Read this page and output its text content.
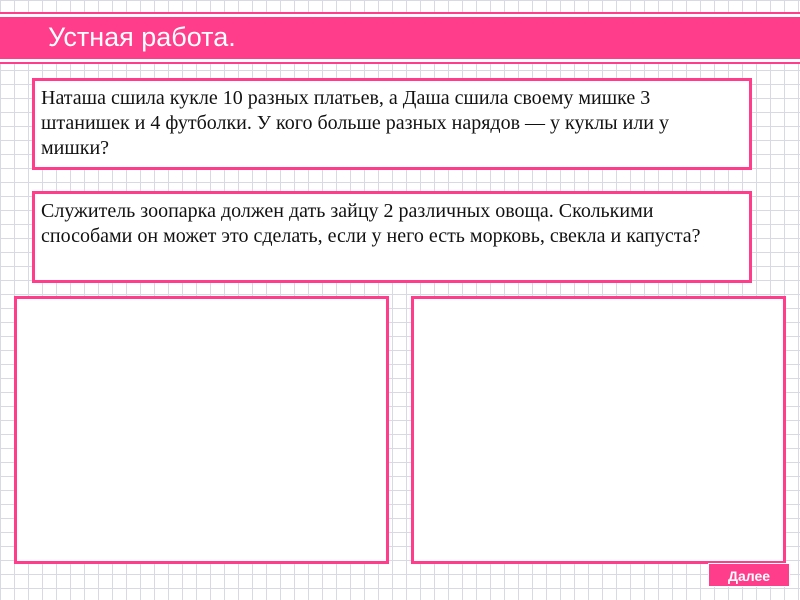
Устная работа.
Наташа сшила кукле 10 разных платьев, а Даша сшила своему мишке 3 штанишек и 4 футболки. У кого больше разных нарядов — у куклы или у мишки?
Служитель зоопарка должен дать зайцу 2 различных овоща. Сколькими способами он может это сделать, если у него есть морковь, свекла и капуста?
Далее
